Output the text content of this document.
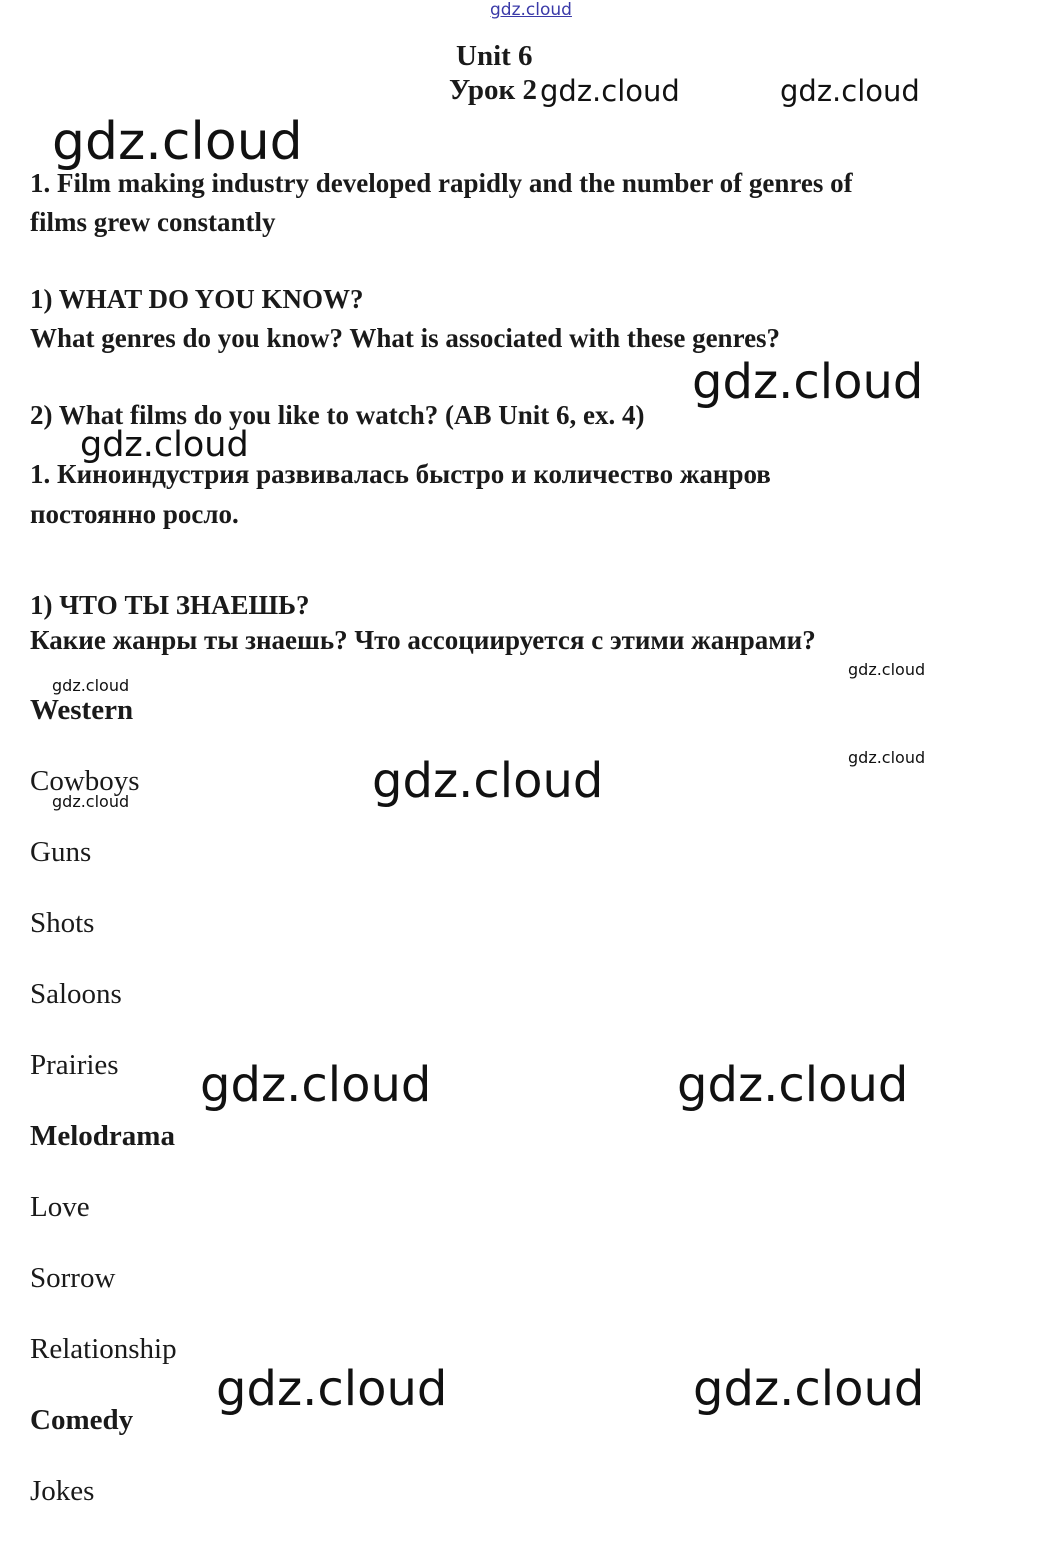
gdz.cloud
gdz.cloud	gdz.cloud
gdz.cloud
gdz.cloud
gdz.cloud
gdz.cloud
gdz.cloud
gdz.cloud
gdz.cloud
gdz.cloud
gdz.cloud	gdz.cloud
gdz.cloud	gdz.cloud
Unit 6
Урок 2
1. Film making industry developed rapidly and the number of genres of
films grew constantly
1) WHAT DO YOU KNOW?
What genres do you know? What is associated with these genres?
2) What films do you like to watch? (AB Unit 6, ex. 4)
1. Киноиндустрия развивалась быстро и количество жанров
постоянно росло.
1) ЧТО ТЫ ЗНАЕШЬ?
Какие жанры ты знаешь? Что ассоциируется с этими жанрами?
Western
Cowboys
Guns
Shots
Saloons
Prairies
Melodrama
Love
Sorrow
Relationship
Comedy
Jokes
